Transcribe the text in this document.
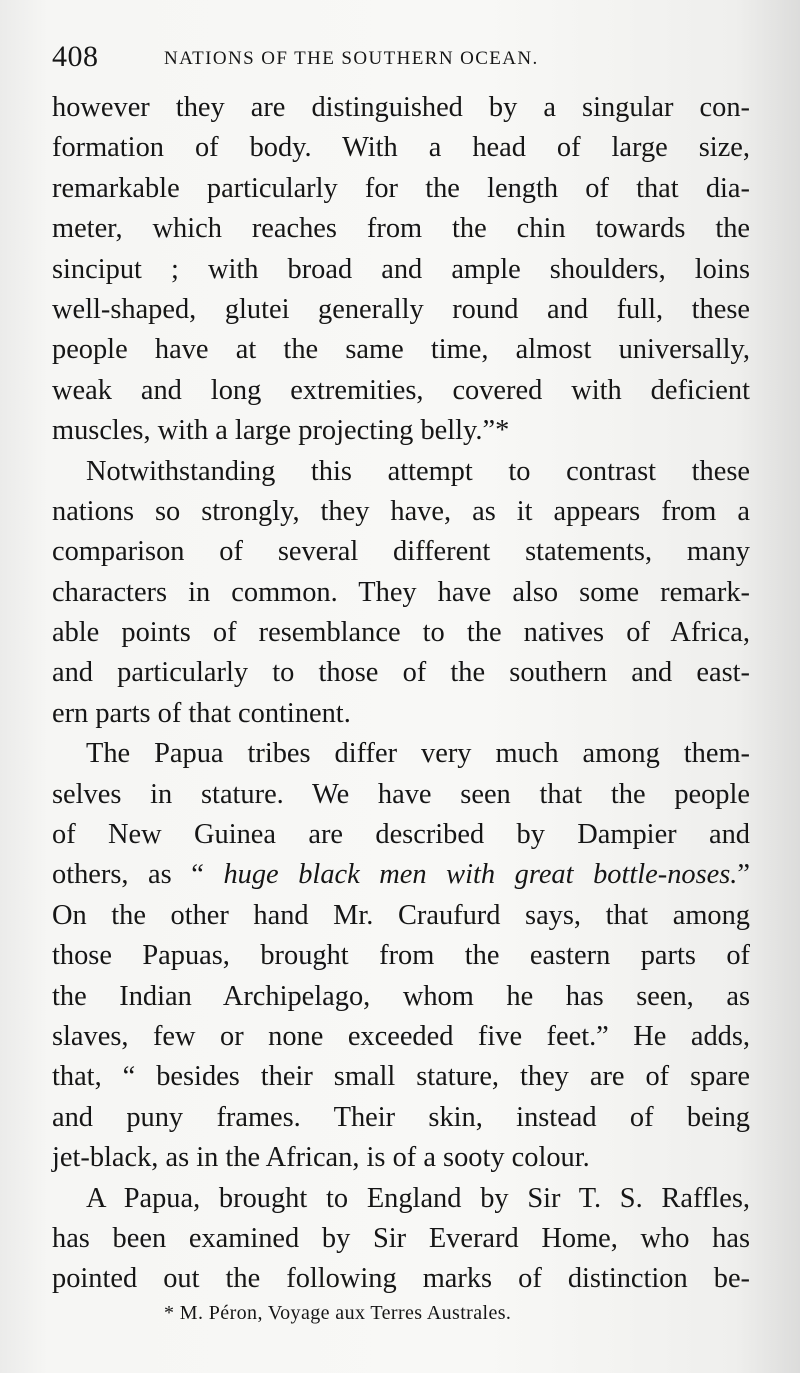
408	NATIONS OF THE SOUTHERN OCEAN.
however they are distinguished by a singular con-
formation of body. With a head of large size,
remarkable particularly for the length of that dia-
meter, which reaches from the chin towards the
sinciput ; with broad and ample shoulders, loins
well-shaped, glutei generally round and full, these
people have at the same time, almost universally,
weak and long extremities, covered with deficient
muscles, with a large projecting belly.”*
Notwithstanding this attempt to contrast these
nations so strongly, they have, as it appears from a
comparison of several different statements, many
characters in common. They have also some remark-
able points of resemblance to the natives of Africa,
and particularly to those of the southern and east-
ern parts of that continent.
The Papua tribes differ very much among them-
selves in stature. We have seen that the people
of New Guinea are described by Dampier and
others, as “ huge black men with great bottle-noses.”
On the other hand Mr. Craufurd says, that among
those Papuas, brought from the eastern parts of
the Indian Archipelago, whom he has seen, as
slaves, few or none exceeded five feet.” He adds,
that, “ besides their small stature, they are of spare
and puny frames. Their skin, instead of being
jet-black, as in the African, is of a sooty colour.
A Papua, brought to England by Sir T. S. Raffles,
has been examined by Sir Everard Home, who has
pointed out the following marks of distinction be-
* M. Péron, Voyage aux Terres Australes.
